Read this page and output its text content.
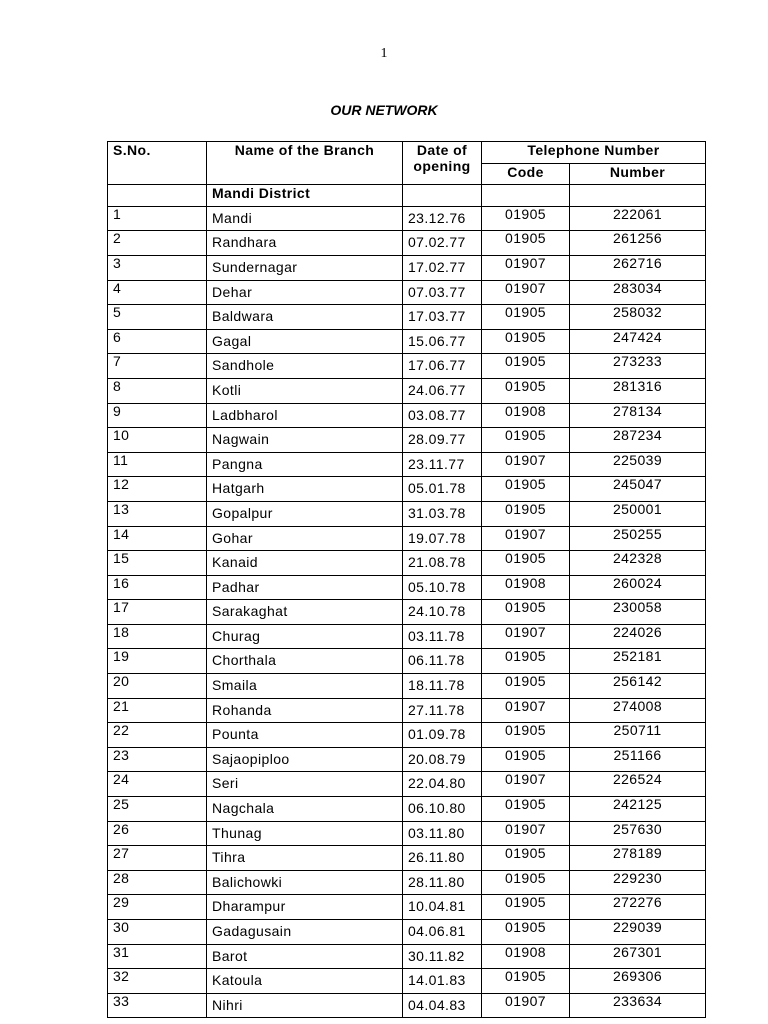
1
OUR NETWORK
S.No.	Name of the Branch	Date of
opening	Telephone Number	
			Code	Number
	Mandi District			
1	Mandi	23.12.76	01905	222061
2	Randhara	07.02.77	01905	261256
3	Sundernagar	17.02.77	01907	262716
4	Dehar	07.03.77	01907	283034
5	Baldwara	17.03.77	01905	258032
6	Gagal	15.06.77	01905	247424
7	Sandhole	17.06.77	01905	273233
8	Kotli	24.06.77	01905	281316
9	Ladbharol	03.08.77	01908	278134
10	Nagwain	28.09.77	01905	287234
11	Pangna	23.11.77	01907	225039
12	Hatgarh	05.01.78	01905	245047
13	Gopalpur	31.03.78	01905	250001
14	Gohar	19.07.78	01907	250255
15	Kanaid	21.08.78	01905	242328
16	Padhar	05.10.78	01908	260024
17	Sarakaghat	24.10.78	01905	230058
18	Churag	03.11.78	01907	224026
19	Chorthala	06.11.78	01905	252181
20	Smaila	18.11.78	01905	256142
21	Rohanda	27.11.78	01907	274008
22	Pounta	01.09.78	01905	250711
23	Sajaopiploo	20.08.79	01905	251166
24	Seri	22.04.80	01907	226524
25	Nagchala	06.10.80	01905	242125
26	Thunag	03.11.80	01907	257630
27	Tihra	26.11.80	01905	278189
28	Balichowki	28.11.80	01905	229230
29	Dharampur	10.04.81	01905	272276
30	Gadagusain	04.06.81	01905	229039
31	Barot	30.11.82	01908	267301
32	Katoula	14.01.83	01905	269306
33	Nihri	04.04.83	01907	233634
